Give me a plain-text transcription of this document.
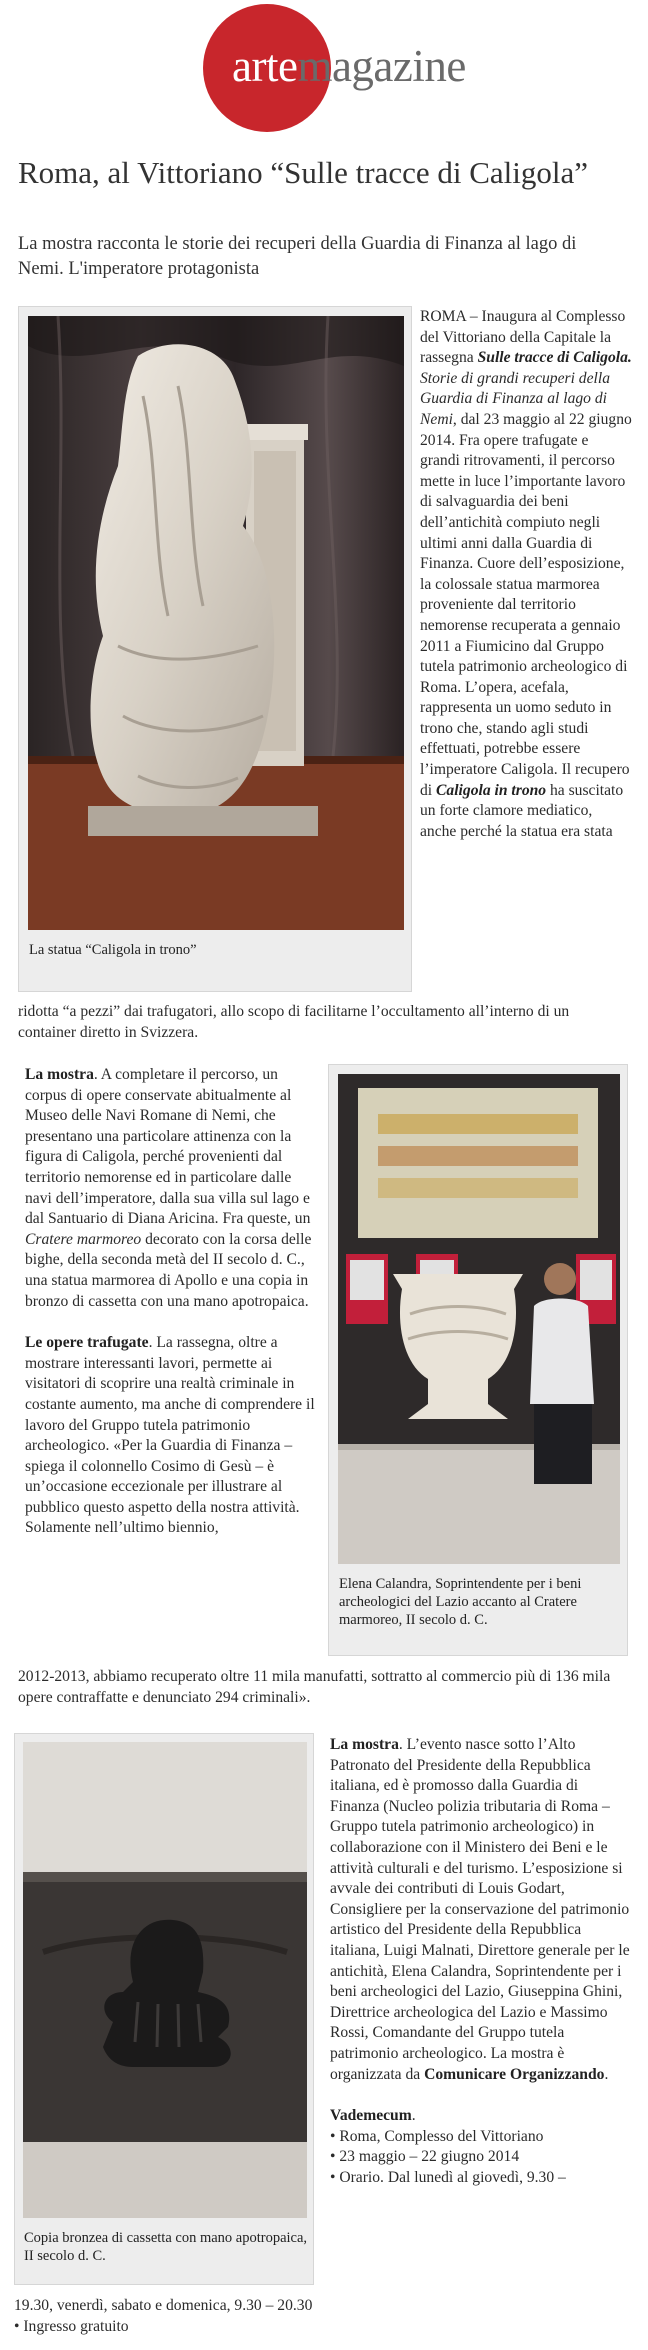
artemagazine
Roma, al Vittoriano “Sulle tracce di Caligola”

La mostra racconta le storie dei recuperi della Guardia di Finanza al lago di Nemi. L'imperatore protagonista

La statua “Caligola in trono”

ROMA – Inaugura al Complesso del Vittoriano della Capitale la rassegna Sulle tracce di Caligola. Storie di grandi recuperi della Guardia di Finanza al lago di Nemi, dal 23 maggio al 22 giugno 2014. Fra opere trafugate e grandi ritrovamenti, il percorso mette in luce l’importante lavoro di salvaguardia dei beni dell’antichità compiuto negli ultimi anni dalla Guardia di Finanza. Cuore dell’esposizione, la colossale statua marmorea proveniente dal territorio nemorense recuperata a gennaio 2011 a Fiumicino dal Gruppo tutela patrimonio archeologico di Roma. L’opera, acefala, rappresenta un uomo seduto in trono che, stando agli studi effettuati, potrebbe essere l’imperatore Caligola. Il recupero di Caligola in trono ha suscitato un forte clamore mediatico, anche perché la statua era stata

ridotta “a pezzi” dai trafugatori, allo scopo di facilitarne l’occultamento all’interno di un container diretto in Svizzera.

La mostra. A completare il percorso, un corpus di opere conservate abitualmente al Museo delle Navi Romane di Nemi, che presentano una particolare attinenza con la figura di Caligola, perché provenienti dal territorio nemorense ed in particolare dalle navi dell’imperatore, dalla sua villa sul lago e dal Santuario di Diana Aricina. Fra queste, un Cratere marmoreo decorato con la corsa delle bighe, della seconda metà del II secolo d. C., una statua marmorea di Apollo e una copia in bronzo di cassetta con una mano apotropaica.

Le opere trafugate. La rassegna, oltre a mostrare interessanti lavori, permette ai visitatori di scoprire una realtà criminale in costante aumento, ma anche di comprendere il lavoro del Gruppo tutela patrimonio archeologico. «Per la Guardia di Finanza – spiega il colonnello Cosimo di Gesù – è un’occasione eccezionale per illustrare al pubblico questo aspetto della nostra attività. Solamente nell’ultimo biennio,

Elena Calandra, Soprintendente per i beni archeologici del Lazio accanto al Cratere marmoreo, II secolo d. C.

2012-2013, abbiamo recuperato oltre 11 mila manufatti, sottratto al commercio più di 136 mila opere contraffatte e denunciato 294 criminali».

Copia bronzea di cassetta con mano apotropaica, II secolo d. C.

La mostra. L’evento nasce sotto l’Alto Patronato del Presidente della Repubblica italiana, ed è promosso dalla Guardia di Finanza (Nucleo polizia tributaria di Roma – Gruppo tutela patrimonio archeologico) in collaborazione con il Ministero dei Beni e le attività culturali e del turismo. L’esposizione si avvale dei contributi di Louis Godart, Consigliere per la conservazione del patrimonio artistico del Presidente della Repubblica italiana, Luigi Malnati, Direttore generale per le antichità, Elena Calandra, Soprintendente per i beni archeologici del Lazio, Giuseppina Ghini, Direttrice archeologica del Lazio e Massimo Rossi, Comandante del Gruppo tutela patrimonio archeologico. La mostra è organizzata da Comunicare Organizzando.

Vademecum.

• Roma, Complesso del Vittoriano

• 23 maggio – 22 giugno 2014

• Orario. Dal lunedì al giovedì, 9.30 –

19.30, venerdì, sabato e domenica, 9.30 – 20.30

• Ingresso gratuito
